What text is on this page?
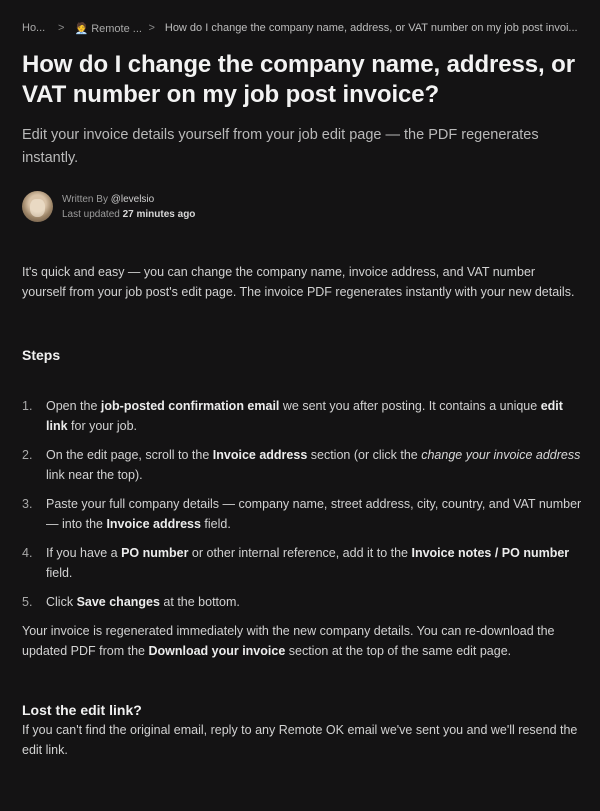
Ho...	> 🧑‍💼 Remote ... > How do I change the company name, address, or VAT number on my job post invoi...
How do I change the company name, address, or VAT number on my job post invoice?

Edit your invoice details yourself from your job edit page — the PDF regenerates instantly.

Written By @levelsio
Last updated 27 minutes ago

It's quick and easy — you can change the company name, invoice address, and VAT number yourself from your job post's edit page. The invoice PDF regenerates instantly with your new details.

Steps
1.	Open the job-posted confirmation email we sent you after posting. It contains a unique edit link for your job.
2.	On the edit page, scroll to the Invoice address section (or click the change your invoice address link near the top).
3.	Paste your full company details — company name, street address, city, country, and VAT number — into the Invoice address field.
4.	If you have a PO number or other internal reference, add it to the Invoice notes / PO number field.
5.	Click Save changes at the bottom.

Your invoice is regenerated immediately with the new company details. You can re-download the updated PDF from the Download your invoice section at the top of the same edit page.

Lost the edit link?

If you can't find the original email, reply to any Remote OK email we've sent you and we'll resend the edit link.
